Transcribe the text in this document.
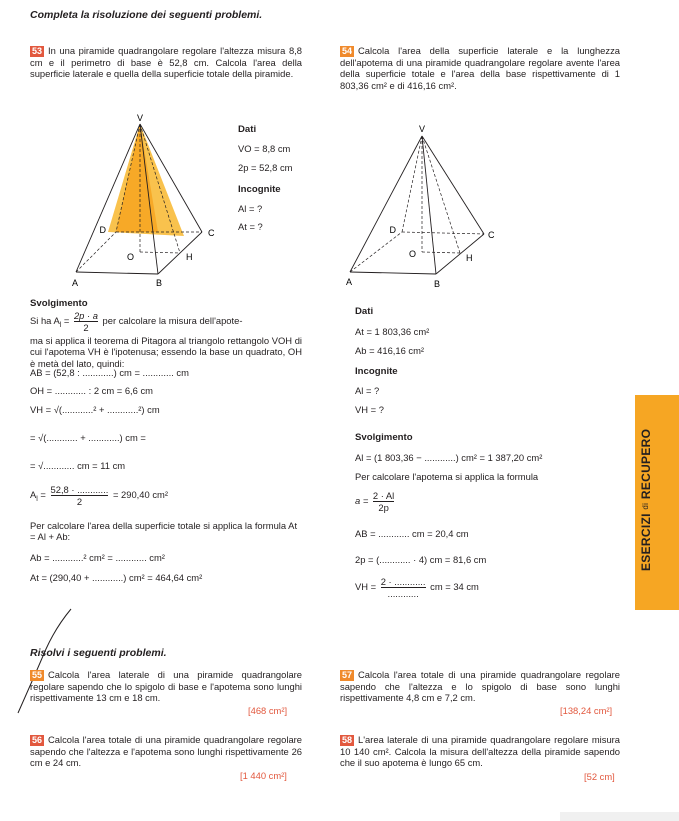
Completa la risoluzione dei seguenti problemi.
53 In una piramide quadrangolare regolare l'altezza misura 8,8 cm e il perimetro di base è 52,8 cm. Calcola l'area della superficie laterale e quella della superficie totale della piramide.
V
D	C
O	H
A	B
Dati
VO = 8,8 cm
2p = 52,8 cm
Incognite
Al = ?
At = ?
Svolgimento
Si ha $A_l = \frac{2p \cdot a}{2}$ per calcolare la misura dell'apote-
ma si applica il teorema di Pitagora al triangolo rettangolo VOH di cui l'apotema VH è l'ipotenusa; essendo la base un quadrato, OH è metà del lato, quindi:
AB = (52,8 : ............) cm = ............ cm
OH = ............ : 2 cm = 6,6 cm
VH = √(............² + ............²) cm
= √(............ + ............) cm =
= √............ cm = 11 cm
$A_l = \frac{52,8 \cdot ............}{2} = 290,40$ cm²
Per calcolare l'area della superficie totale si applica la formula At = Al + Ab:
Ab = ............² cm² = ............ cm²
At = (290,40 + ............) cm² = 464,64 cm²
54 Calcola l'area della superficie laterale e la lunghezza dell'apotema di una piramide quadrangolare regolare avente l'area della superficie totale e l'area della base rispettivamente di 1 803,36 cm² e di 416,16 cm².
V
D	C
O	H
A	B
Dati
At = 1 803,36 cm²
Ab = 416,16 cm²
Incognite
Al = ?
VH = ?
Svolgimento
Al = (1 803,36 − ............) cm² = 1 387,20 cm²
Per calcolare l'apotema si applica la formula
$a = \frac{2 \cdot Al}{2p}$
AB = ............ cm = 20,4 cm
2p = (............ · 4) cm = 81,6 cm
VH = $\frac{2 \cdot ............}{............}$ cm = 34 cm
ESERCIZI di RECUPERO
Risolvi i seguenti problemi.
55 Calcola l'area laterale di una piramide quadrangolare regolare sapendo che lo spigolo di base e l'apotema sono lunghi rispettivamente 13 cm e 18 cm.
[468 cm²]
56 Calcola l'area totale di una piramide quadrangolare regolare sapendo che l'altezza e l'apotema sono lunghi rispettivamente 26 cm e 24 cm.
[1 440 cm²]
57 Calcola l'area totale di una piramide quadrangolare regolare sapendo che l'altezza e lo spigolo di base sono lunghi rispettivamente 4,8 cm e 7,2 cm.
[138,24 cm²]
58 L'area laterale di una piramide quadrangolare regolare misura 10 140 cm². Calcola la misura dell'altezza della piramide sapendo che il suo apotema è lungo 65 cm.
[52 cm]
